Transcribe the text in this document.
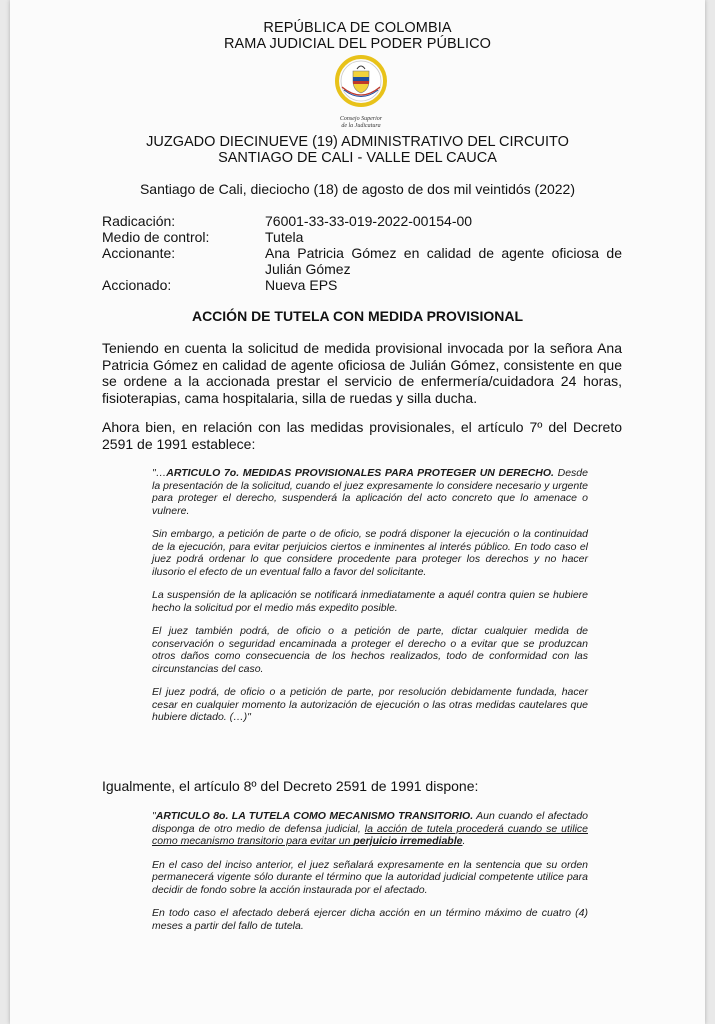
REPÚBLICA DE COLOMBIA
RAMA JUDICIAL DEL PODER PÚBLICO
Consejo Superior
de la Judicatura
JUZGADO DIECINUEVE (19) ADMINISTRATIVO DEL CIRCUITO
SANTIAGO DE CALI - VALLE DEL CAUCA
Santiago de Cali, dieciocho (18) de agosto de dos mil veintidós (2022)
Radicación:	76001-33-33-019-2022-00154-00
Medio de control:	Tutela
Accionante:	Ana Patricia Gómez en calidad de agente oficiosa de Julián Gómez
Accionado:	Nueva EPS
ACCIÓN DE TUTELA CON MEDIDA PROVISIONAL
Teniendo en cuenta la solicitud de medida provisional invocada por la señora Ana Patricia Gómez en calidad de agente oficiosa de Julián Gómez, consistente en que se ordene a la accionada prestar el servicio de enfermería/cuidadora 24 horas, fisioterapias, cama hospitalaria, silla de ruedas y silla ducha.
Ahora bien, en relación con las medidas provisionales, el artículo 7º del Decreto 2591 de 1991 establece:

"…ARTICULO 7o. MEDIDAS PROVISIONALES PARA PROTEGER UN DERECHO. Desde la presentación de la solicitud, cuando el juez expresamente lo considere necesario y urgente para proteger el derecho, suspenderá la aplicación del acto concreto que lo amenace o vulnere.

Sin embargo, a petición de parte o de oficio, se podrá disponer la ejecución o la continuidad de la ejecución, para evitar perjuicios ciertos e inminentes al interés público. En todo caso el juez podrá ordenar lo que considere procedente para proteger los derechos y no hacer ilusorio el efecto de un eventual fallo a favor del solicitante.

La suspensión de la aplicación se notificará inmediatamente a aquél contra quien se hubiere hecho la solicitud por el medio más expedito posible.

El juez también podrá, de oficio o a petición de parte, dictar cualquier medida de conservación o seguridad encaminada a proteger el derecho o a evitar que se produzcan otros daños como consecuencia de los hechos realizados, todo de conformidad con las circunstancias del caso.

El juez podrá, de oficio o a petición de parte, por resolución debidamente fundada, hacer cesar en cualquier momento la autorización de ejecución o las otras medidas cautelares que hubiere dictado. (…)"

Igualmente, el artículo 8º del Decreto 2591 de 1991 dispone:

"ARTICULO 8o. LA TUTELA COMO MECANISMO TRANSITORIO. Aun cuando el afectado disponga de otro medio de defensa judicial, la acción de tutela procederá cuando se utilice como mecanismo transitorio para evitar un perjuicio irremediable.

En el caso del inciso anterior, el juez señalará expresamente en la sentencia que su orden permanecerá vigente sólo durante el término que la autoridad judicial competente utilice para decidir de fondo sobre la acción instaurada por el afectado.

En todo caso el afectado deberá ejercer dicha acción en un término máximo de cuatro (4) meses a partir del fallo de tutela.
